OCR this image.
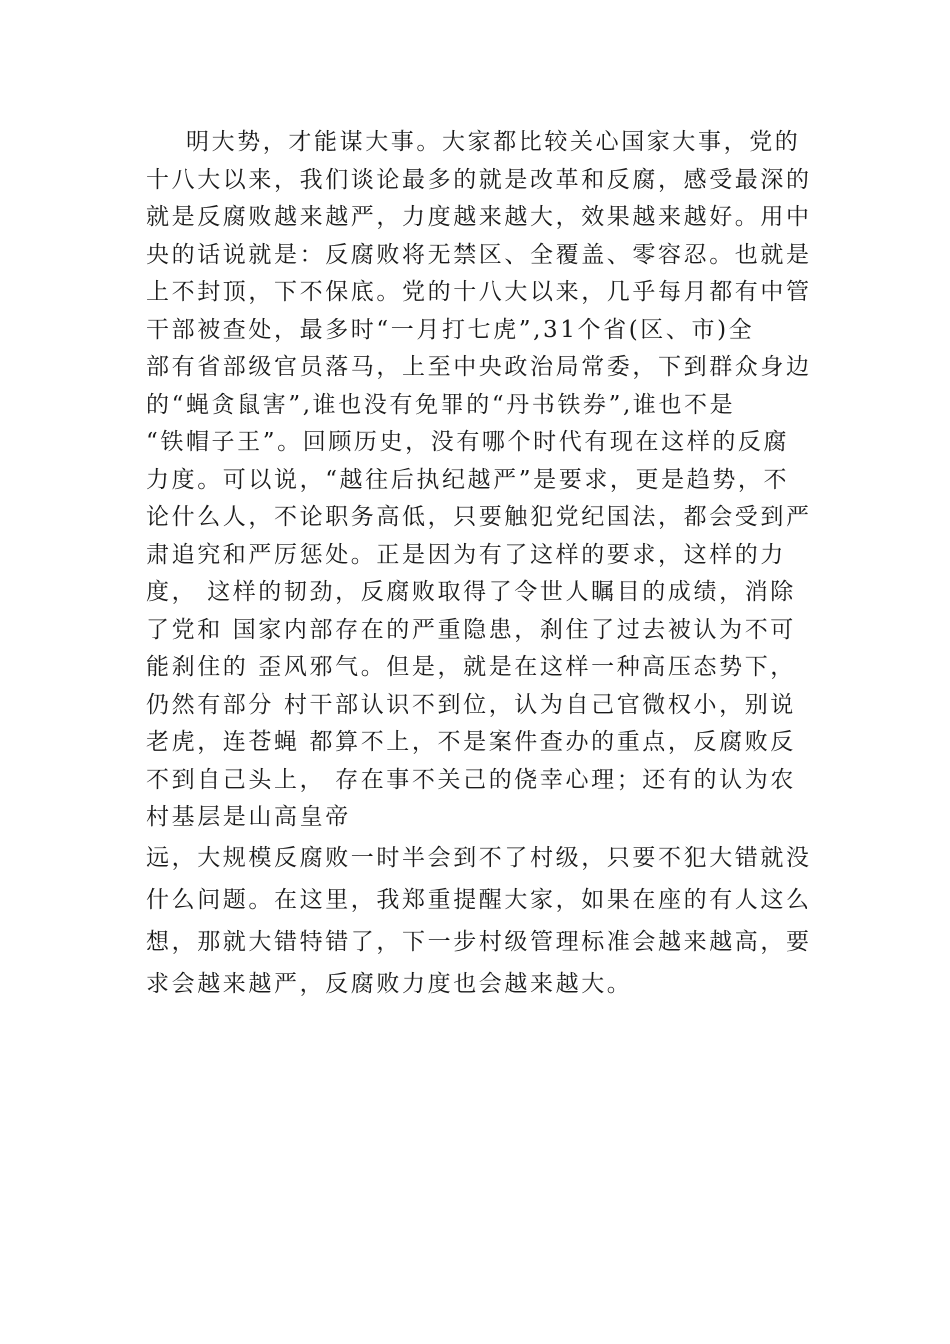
明大势，才能谋大事。大家都比较关心国家大事，党的
十八大以来，我们谈论最多的就是改革和反腐，感受最深的
就是反腐败越来越严，力度越来越大，效果越来越好。用中
央的话说就是：反腐败将无禁区、全覆盖、零容忍。也就是
上不封顶，下不保底。党的十八大以来，几乎每月都有中管
干部被查处，最多时“一月打七虎”,31个省(区、市)全
部有省部级官员落马，上至中央政治局常委，下到群众身边
的“蝇贪鼠害”,谁也没有免罪的“丹书铁券”,谁也不是
“铁帽子王”。回顾历史，没有哪个时代有现在这样的反腐
力度。可以说，“越往后执纪越严”是要求，更是趋势，不
论什么人，不论职务高低，只要触犯党纪国法，都会受到严
肃追究和严厉惩处。正是因为有了这样的要求，这样的力
度， 这样的韧劲，反腐败取得了令世人瞩目的成绩，消除
了党和 国家内部存在的严重隐患，刹住了过去被认为不可
能刹住的 歪风邪气。但是，就是在这样一种高压态势下，
仍然有部分 村干部认识不到位，认为自己官微权小，别说
老虎，连苍蝇 都算不上，不是案件查办的重点，反腐败反
不到自己头上， 存在事不关己的侥幸心理；还有的认为农
村基层是山高皇帝
远，大规模反腐败一时半会到不了村级，只要不犯大错就没
什么问题。在这里，我郑重提醒大家，如果在座的有人这么
想，那就大错特错了，下一步村级管理标准会越来越高，要
求会越来越严，反腐败力度也会越来越大。
